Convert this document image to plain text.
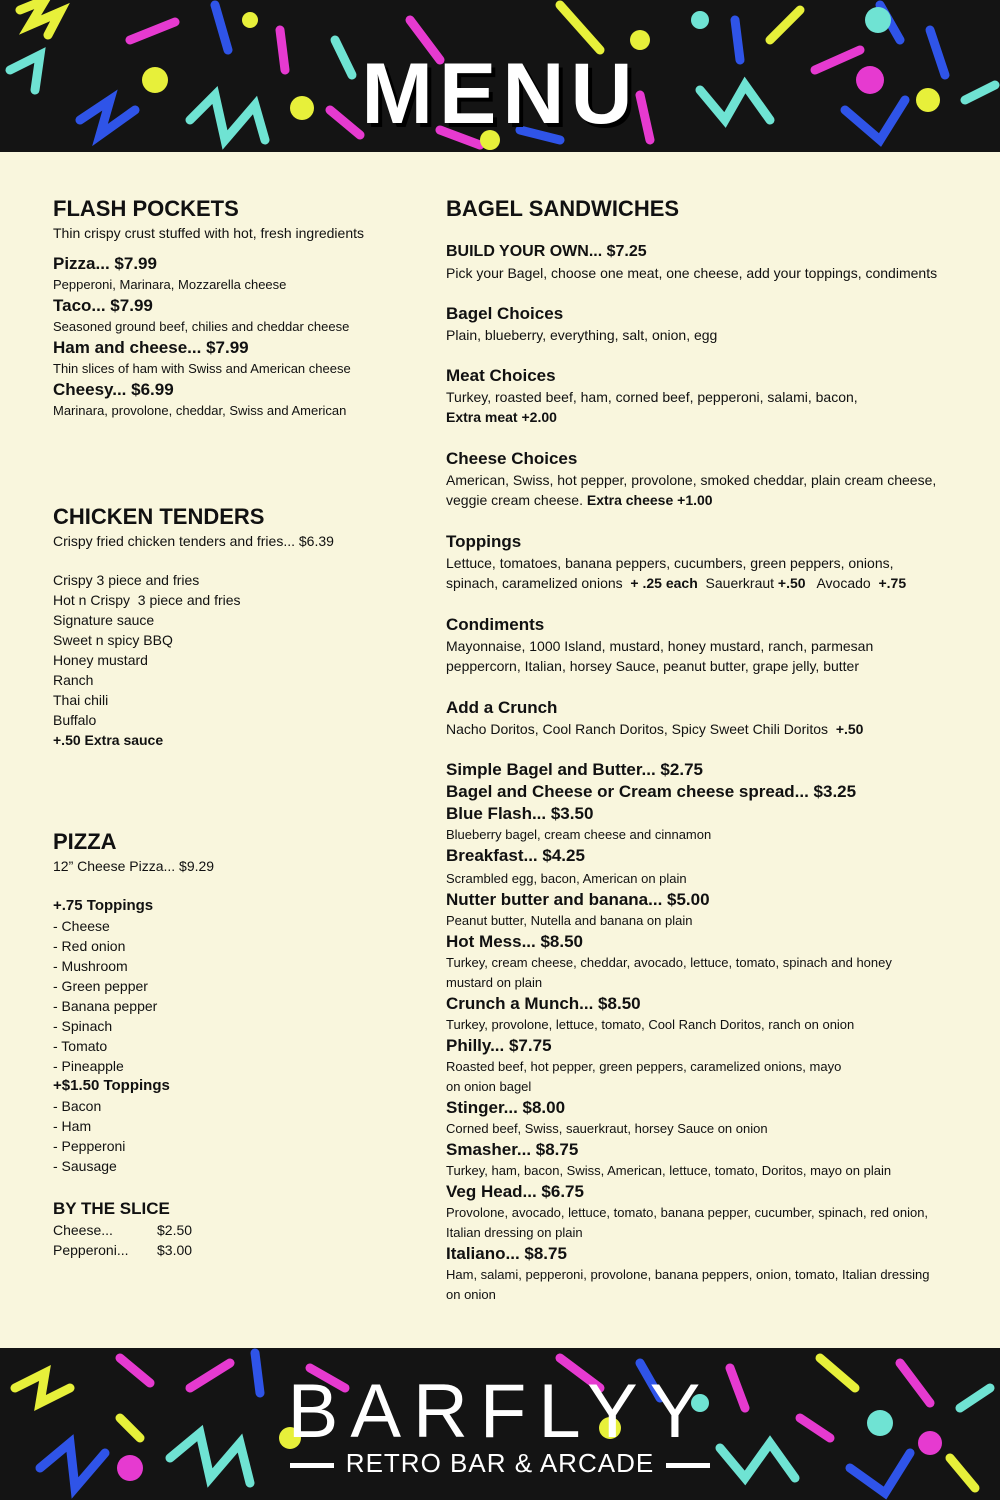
MENU
FLASH POCKETS
Thin crispy crust stuffed with hot, fresh ingredients
Pizza... $7.99
Pepperoni, Marinara, Mozzarella cheese
Taco... $7.99
Seasoned ground beef, chilies and cheddar cheese
Ham and cheese... $7.99
Thin slices of ham with Swiss and American cheese
Cheesy... $6.99
Marinara, provolone, cheddar, Swiss and American
CHICKEN TENDERS
Crispy fried chicken tenders and fries... $6.39
Crispy 3 piece and fries
Hot n Crispy  3 piece and fries
Signature sauce
Sweet n spicy BBQ
Honey mustard
Ranch
Thai chili
Buffalo
+.50 Extra sauce
PIZZA
12” Cheese Pizza... $9.29
+.75 Toppings
- Cheese
- Red onion
- Mushroom
- Green pepper
- Banana pepper
- Spinach
- Tomato
- Pineapple
+$1.50 Toppings
- Bacon
- Ham
- Pepperoni
- Sausage
BY THE SLICE
Cheese...	$2.50
Pepperoni... $3.00
BAGEL SANDWICHES
BUILD YOUR OWN... $7.25
Pick your Bagel, choose one meat, one cheese, add your toppings, condiments
Bagel Choices
Plain, blueberry, everything, salt, onion, egg
Meat Choices
Turkey, roasted beef, ham, corned beef, pepperoni, salami, bacon,
Extra meat +2.00
Cheese Choices
American, Swiss, hot pepper, provolone, smoked cheddar, plain cream cheese,
veggie cream cheese. Extra cheese +1.00
Toppings
Lettuce, tomatoes, banana peppers, cucumbers, green peppers, onions,
spinach, caramelized onions  + .25 each  Sauerkraut +.50   Avocado  +.75
Condiments
Mayonnaise, 1000 Island, mustard, honey mustard, ranch, parmesan
peppercorn, Italian, horsey Sauce, peanut butter, grape jelly, butter
Add a Crunch
Nacho Doritos, Cool Ranch Doritos, Spicy Sweet Chili Doritos  +.50
Simple Bagel and Butter... $2.75
Bagel and Cheese or Cream cheese spread... $3.25
Blue Flash... $3.50
Blueberry bagel, cream cheese and cinnamon
Breakfast... $4.25
Scrambled egg, bacon, American on plain
Nutter butter and banana... $5.00
Peanut butter, Nutella and banana on plain
Hot Mess... $8.50
Turkey, cream cheese, cheddar, avocado, lettuce, tomato, spinach and honey
mustard on plain
Crunch a Munch... $8.50
Turkey, provolone, lettuce, tomato, Cool Ranch Doritos, ranch on onion
Philly... $7.75
Roasted beef, hot pepper, green peppers, caramelized onions, mayo
on onion bagel
Stinger... $8.00
Corned beef, Swiss, sauerkraut, horsey Sauce on onion
Smasher... $8.75
Turkey, ham, bacon, Swiss, American, lettuce, tomato, Doritos, mayo on plain
Veg Head... $6.75
Provolone, avocado, lettuce, tomato, banana pepper, cucumber, spinach, red onion,
Italian dressing on plain
Italiano... $8.75
Ham, salami, pepperoni, provolone, banana peppers, onion, tomato, Italian dressing
on onion
BARFLYY
RETRO BAR & ARCADE
